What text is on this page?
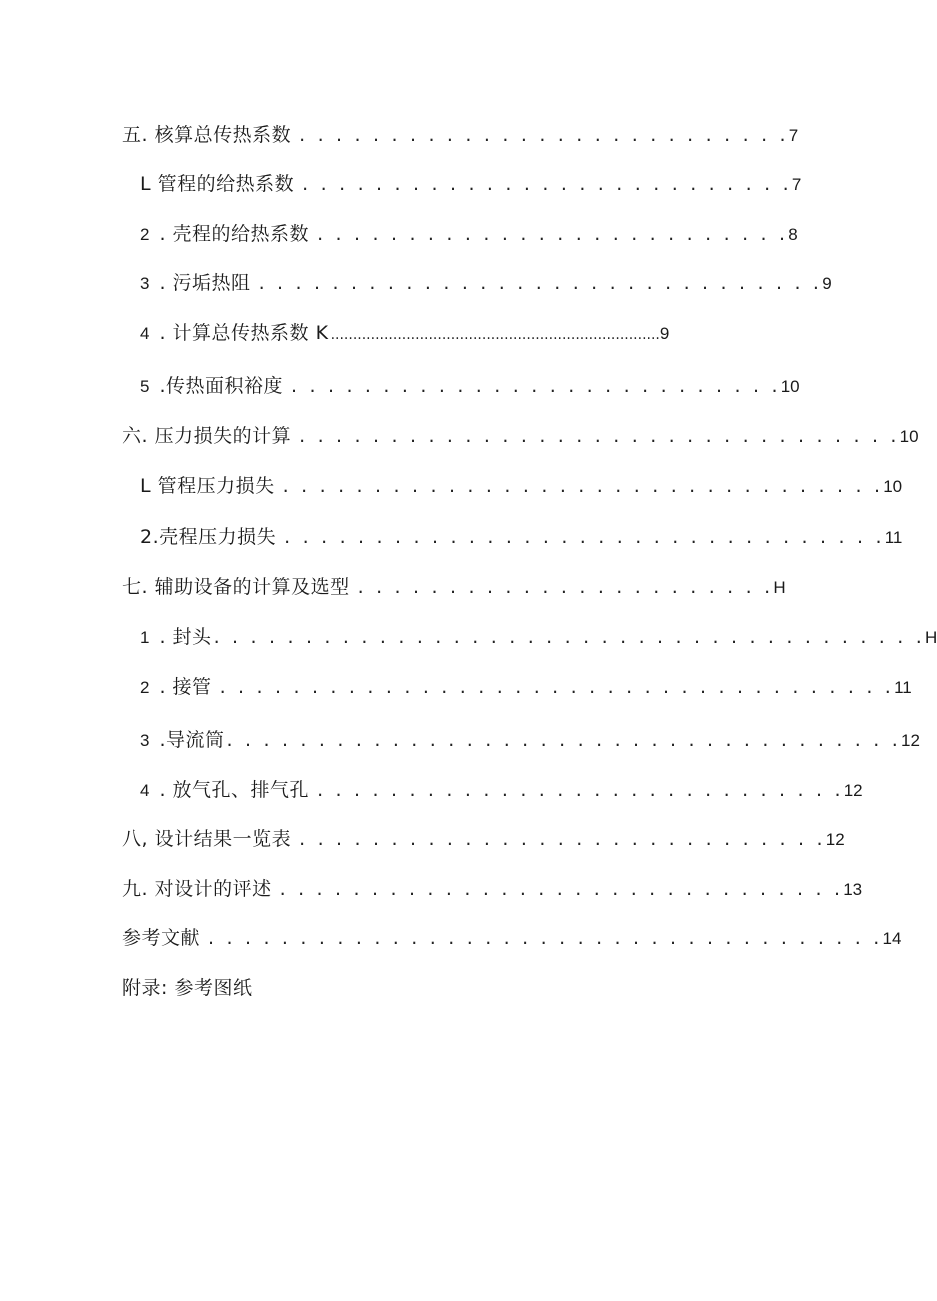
五. 核算总传热系数 . . . . . . . . . . . . . . . . . . . . . . . . . . .7
L 管程的给热系数 . . . . . . . . . . . . . . . . . . . . . . . . . . .7
2 . 壳程的给热系数 . . . . . . . . . . . . . . . . . . . . . . . . . .8
3 . 污垢热阻 . . . . . . . . . . . . . . . . . . . . . . . . . . . . . . .9
4 . 计算总传热系数 K ..........................................................................9
5 .传热面积裕度 . . . . . . . . . . . . . . . . . . . . . . . . . . .10
六. 压力损失的计算 . . . . . . . . . . . . . . . . . . . . . . . . . . . . . . . . .10
L 管程压力损失 . . . . . . . . . . . . . . . . . . . . . . . . . . . . . . . . .10
2.壳程压力损失 . . . . . . . . . . . . . . . . . . . . . . . . . . . . . . . . .11
七. 辅助设备的计算及选型 . . . . . . . . . . . . . . . . . . . . . . .H
1 . 封头 . . . . . . . . . . . . . . . . . . . . . . . . . . . . . . . . . . . . . . .H
2 . 接管 . . . . . . . . . . . . . . . . . . . . . . . . . . . . . . . . . . . . .11
3 .导流筒 . . . . . . . . . . . . . . . . . . . . . . . . . . . . . . . . . . . . .12
4 . 放气孔、排气孔 . . . . . . . . . . . . . . . . . . . . . . . . . . . . .12
八, 设计结果一览表 . . . . . . . . . . . . . . . . . . . . . . . . . . . . .12
九. 对设计的评述 . . . . . . . . . . . . . . . . . . . . . . . . . . . . . . .13
参考文献 . . . . . . . . . . . . . . . . . . . . . . . . . . . . . . . . . . . . .14
附录: 参考图纸
